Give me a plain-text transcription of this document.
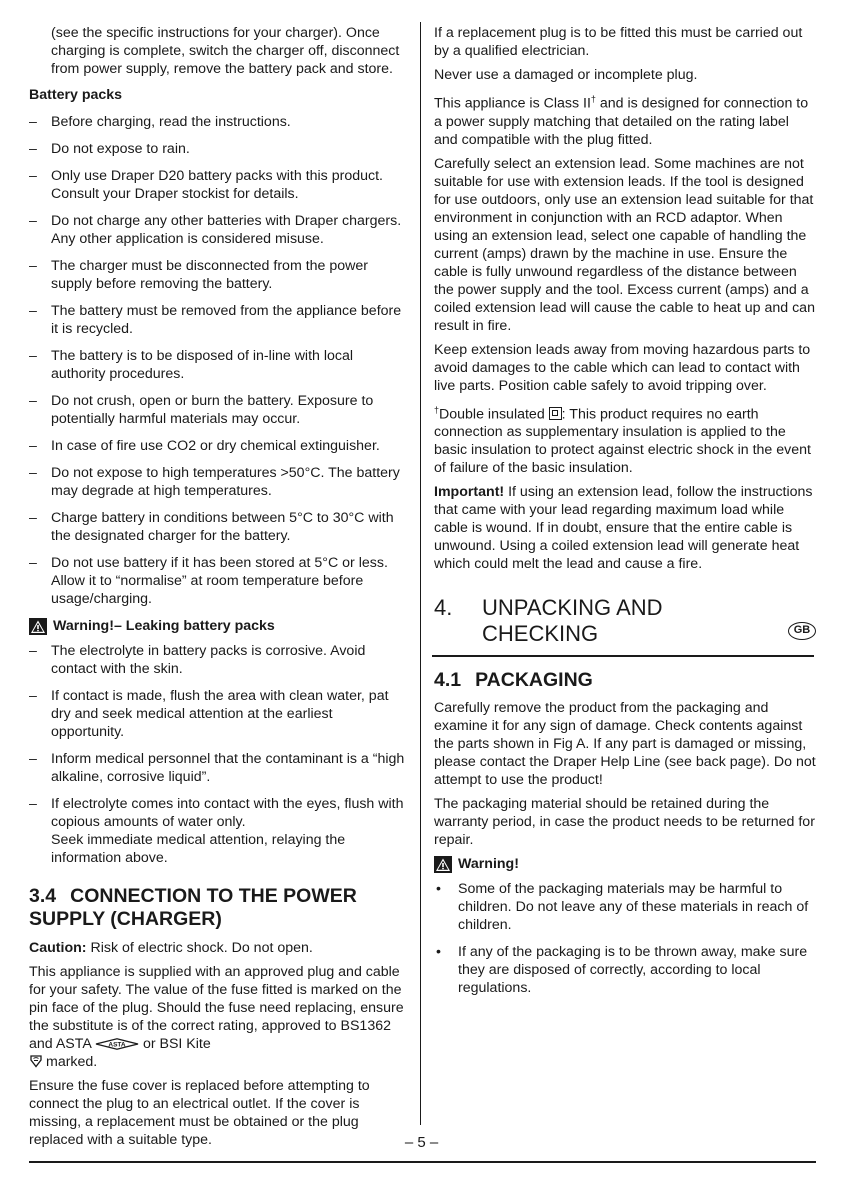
(see the specific instructions for your charger). Once charging is complete, switch the charger off, disconnect from power supply, remove the battery pack and store.

Battery packs
– Before charging, read the instructions.
– Do not expose to rain.
– Only use Draper D20 battery packs with this product. Consult your Draper stockist for details.
– Do not charge any other batteries with Draper chargers. Any other application is considered misuse.
– The charger must be disconnected from the power supply before removing the battery.
– The battery must be removed from the appliance before it is recycled.
– The battery is to be disposed of in-line with local authority procedures.
– Do not crush, open or burn the battery. Exposure to potentially harmful materials may occur.
– In case of fire use CO2 or dry chemical extinguisher.
– Do not expose to high temperatures >50°C. The battery may degrade at high temperatures.
– Charge battery in conditions between 5°C to 30°C with the designated charger for the battery.
– Do not use battery if it has been stored at 5°C or less. Allow it to “normalise” at room temperature before usage/charging.
Warning! – Leaking battery packs
– The electrolyte in battery packs is corrosive. Avoid contact with the skin.
– If contact is made, flush the area with clean water, pat dry and seek medical attention at the earliest opportunity.
– Inform medical personnel that the contaminant is a “high alkaline, corrosive liquid”.
– If electrolyte comes into contact with the eyes, flush with copious amounts of water only.
Seek immediate medical attention, relaying the information above.
3.4 CONNECTION TO THE POWER SUPPLY (CHARGER)

Caution: Risk of electric shock. Do not open.

This appliance is supplied with an approved plug and cable for your safety. The value of the fuse fitted is marked on the pin face of the plug. Should the fuse need replacing, ensure the substitute is of the correct rating, approved to BS1362 and ASTA ASTA or BSI Kite
marked.

Ensure the fuse cover is replaced before attempting to connect the plug to an electrical outlet. If the cover is missing, a replacement must be obtained or the plug replaced with a suitable type.

If a replacement plug is to be fitted this must be carried out by a qualified electrician.

Never use a damaged or incomplete plug.

This appliance is Class II† and is designed for connection to a power supply matching that detailed on the rating label and compatible with the plug fitted.

Carefully select an extension lead. Some machines are not suitable for use with extension leads. If the tool is designed for use outdoors, only use an extension lead suitable for that environment in conjunction with an RCD adaptor. When using an extension lead, select one capable of handling the current (amps) drawn by the machine in use. Ensure the cable is fully unwound regardless of the distance between the power supply and the tool. Excess current (amps) and a coiled extension lead will cause the cable to heat up and can result in fire.

Keep extension leads away from moving hazardous parts to avoid damages to the cable which can lead to contact with live parts. Position cable safely to avoid tripping over.

†Double insulated : This product requires no earth connection as supplementary insulation is applied to the basic insulation to protect against electric shock in the event of failure of the basic insulation.

Important! If using an extension lead, follow the instructions that came with your lead regarding maximum load while cable is wound. If in doubt, ensure that the entire cable is unwound. Using a coiled extension lead will generate heat which could melt the lead and cause a fire.

4.	UNPACKING AND
CHECKING	GB
4.1 PACKAGING

Carefully remove the product from the packaging and examine it for any sign of damage. Check contents against the parts shown in Fig A. If any part is damaged or missing, please contact the Draper Help Line (see back page). Do not attempt to use the product!

The packaging material should be retained during the warranty period, in case the product needs to be returned for repair.

Warning!
• Some of the packaging materials may be harmful to children. Do not leave any of these materials in reach of children.
• If any of the packaging is to be thrown away, make sure they are disposed of correctly, according to local regulations.
– 5 –
